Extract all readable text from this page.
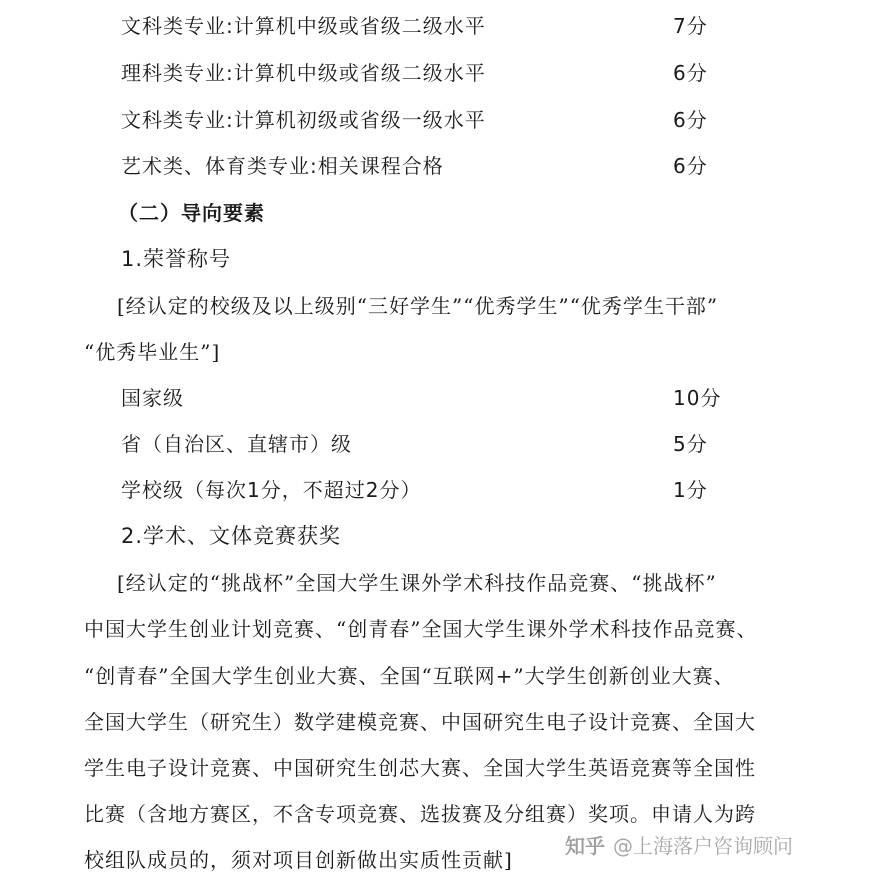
文科类专业:计算机中级或省级二级水平	7分
理科类专业:计算机中级或省级二级水平	6分
文科类专业:计算机初级或省级一级水平	6分
艺术类、体育类专业:相关课程合格	6分
（二）导向要素
1.荣誉称号
[经认定的校级及以上级别“三好学生”“优秀学生”“优秀学生干部”
“优秀毕业生”]
国家级	10分
省（自治区、直辖市）级	5分
学校级（每次1分，不超过2分）	1分
2.学术、文体竞赛获奖
[经认定的“挑战杯”全国大学生课外学术科技作品竞赛、“挑战杯”
中国大学生创业计划竞赛、“创青春”全国大学生课外学术科技作品竞赛、
“创青春”全国大学生创业大赛、全国“互联网+”大学生创新创业大赛、
全国大学生（研究生）数学建模竞赛、中国研究生电子设计竞赛、全国大
学生电子设计竞赛、中国研究生创芯大赛、全国大学生英语竞赛等全国性
比赛（含地方赛区，不含专项竞赛、选拔赛及分组赛）奖项。申请人为跨
校组队成员的，须对项目创新做出实质性贡献]
知乎 @上海落户咨询顾问
